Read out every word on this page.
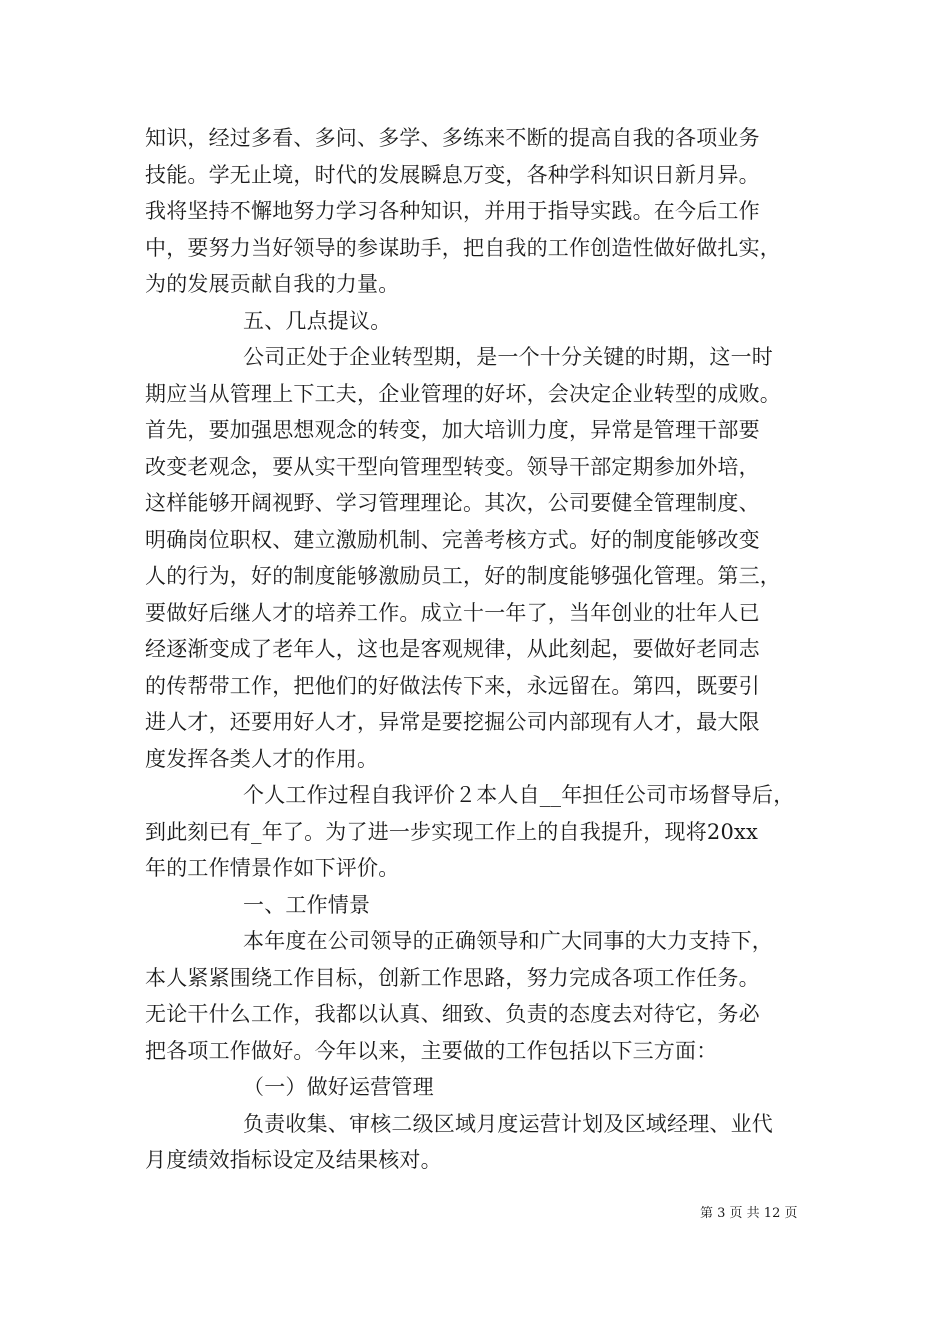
知识，经过多看、多问、多学、多练来不断的提高自我的各项业务
技能。学无止境，时代的发展瞬息万变，各种学科知识日新月异。
我将坚持不懈地努力学习各种知识，并用于指导实践。在今后工作
中，要努力当好领导的参谋助手，把自我的工作创造性做好做扎实，
为的发展贡献自我的力量。
五、几点提议。
公司正处于企业转型期，是一个十分关键的时期，这一时
期应当从管理上下工夫，企业管理的好坏，会决定企业转型的成败。
首先，要加强思想观念的转变，加大培训力度，异常是管理干部要
改变老观念，要从实干型向管理型转变。领导干部定期参加外培，
这样能够开阔视野、学习管理理论。其次，公司要健全管理制度、
明确岗位职权、建立激励机制、完善考核方式。好的制度能够改变
人的行为，好的制度能够激励员工，好的制度能够强化管理。第三，
要做好后继人才的培养工作。成立十一年了，当年创业的壮年人已
经逐渐变成了老年人，这也是客观规律，从此刻起，要做好老同志
的传帮带工作，把他们的好做法传下来，永远留在。第四，既要引
进人才，还要用好人才，异常是要挖掘公司内部现有人才，最大限
度发挥各类人才的作用。
个人工作过程自我评价２本人自__年担任公司市场督导后，
到此刻已有_年了。为了进一步实现工作上的自我提升，现将20xx
年的工作情景作如下评价。
一、工作情景
本年度在公司领导的正确领导和广大同事的大力支持下，
本人紧紧围绕工作目标，创新工作思路，努力完成各项工作任务。
无论干什么工作，我都以认真、细致、负责的态度去对待它，务必
把各项工作做好。今年以来，主要做的工作包括以下三方面：
（一）做好运营管理
负责收集、审核二级区域月度运营计划及区域经理、业代
月度绩效指标设定及结果核对。
第 3 页 共 12 页
